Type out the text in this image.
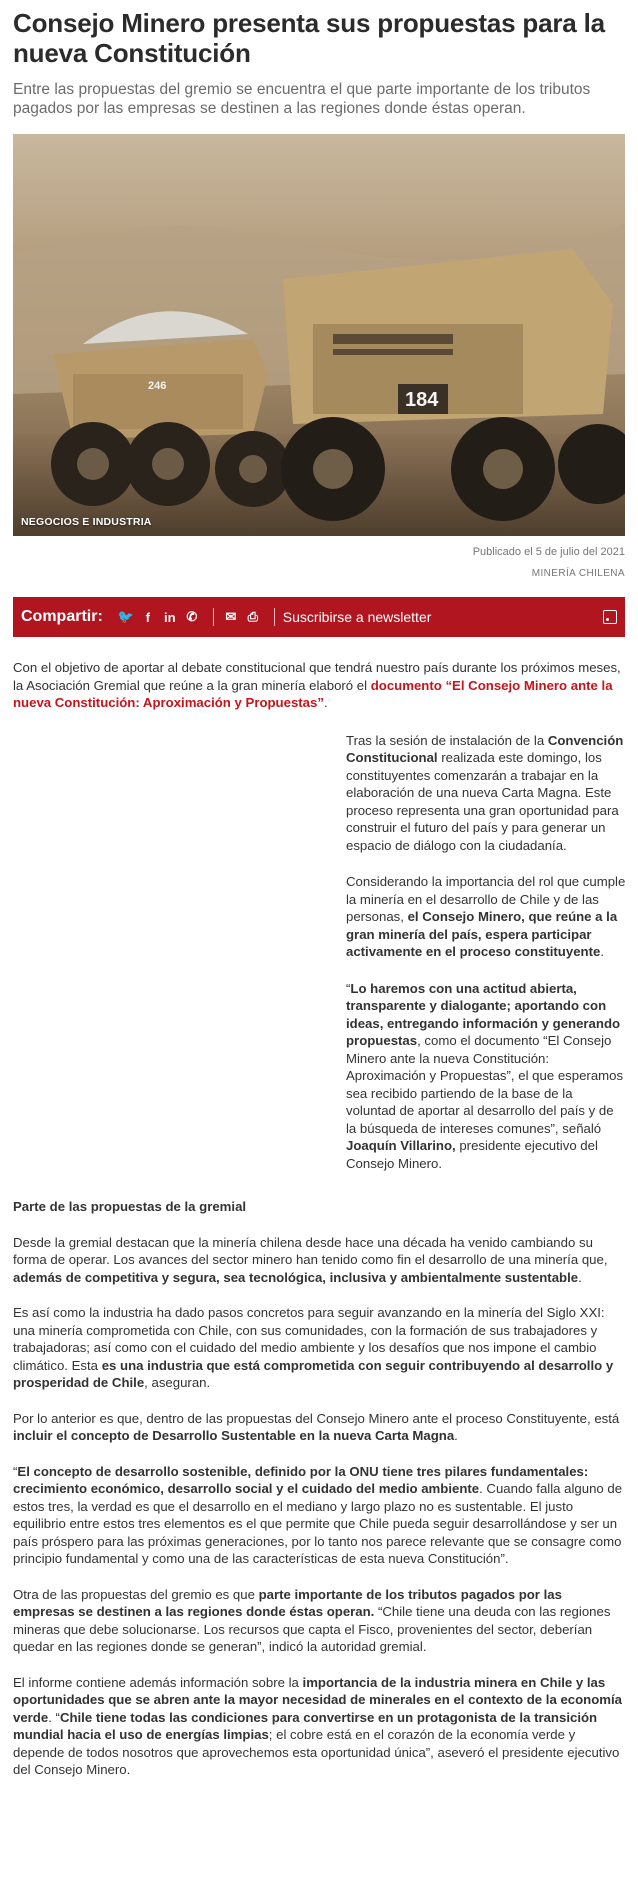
Consejo Minero presenta sus propuestas para la nueva Constitución

Entre las propuestas del gremio se encuentra el que parte importante de los tributos pagados por las empresas se destinen a las regiones donde éstas operan.

246
184
NEGOCIOS E INDUSTRIA
Publicado el 5 de julio del 2021
MINERÍA CHILENA
Compartir: 🐦 f	in ✆ ✉ ⎙ Suscribirse a newsletter

Con el objetivo de aportar al debate constitucional que tendrá nuestro país durante los próximos meses, la Asociación Gremial que reúne a la gran minería elaboró el documento “El Consejo Minero ante la nueva Constitución: Aproximación y Propuestas”.

Tras la sesión de instalación de la Convención Constitucional realizada este domingo, los constituyentes comenzarán a trabajar en la elaboración de una nueva Carta Magna. Este proceso representa una gran oportunidad para construir el futuro del país y para generar un espacio de diálogo con la ciudadanía.

Considerando la importancia del rol que cumple la minería en el desarrollo de Chile y de las personas, el Consejo Minero, que reúne a la gran minería del país, espera participar activamente en el proceso constituyente.

“Lo haremos con una actitud abierta, transparente y dialogante; aportando con ideas, entregando información y generando propuestas, como el documento “El Consejo Minero ante la nueva Constitución: Aproximación y Propuestas”, el que esperamos sea recibido partiendo de la base de la voluntad de aportar al desarrollo del país y de la búsqueda de intereses comunes”, señaló Joaquín Villarino, presidente ejecutivo del Consejo Minero.

Parte de las propuestas de la gremial

Desde la gremial destacan que la minería chilena desde hace una década ha venido cambiando su forma de operar. Los avances del sector minero han tenido como fin el desarrollo de una minería que, además de competitiva y segura, sea tecnológica, inclusiva y ambientalmente sustentable.

Es así como la industria ha dado pasos concretos para seguir avanzando en la minería del Siglo XXI: una minería comprometida con Chile, con sus comunidades, con la formación de sus trabajadores y trabajadoras; así como con el cuidado del medio ambiente y los desafíos que nos impone el cambio climático. Esta es una industria que está comprometida con seguir contribuyendo al desarrollo y prosperidad de Chile, aseguran.

Por lo anterior es que, dentro de las propuestas del Consejo Minero ante el proceso Constituyente, está incluir el concepto de Desarrollo Sustentable en la nueva Carta Magna.

“El concepto de desarrollo sostenible, definido por la ONU tiene tres pilares fundamentales: crecimiento económico, desarrollo social y el cuidado del medio ambiente. Cuando falla alguno de estos tres, la verdad es que el desarrollo en el mediano y largo plazo no es sustentable. El justo equilibrio entre estos tres elementos es el que permite que Chile pueda seguir desarrollándose y ser un país próspero para las próximas generaciones, por lo tanto nos parece relevante que se consagre como principio fundamental y como una de las características de esta nueva Constitución”.

Otra de las propuestas del gremio es que parte importante de los tributos pagados por las empresas se destinen a las regiones donde éstas operan. “Chile tiene una deuda con las regiones mineras que debe solucionarse. Los recursos que capta el Fisco, provenientes del sector, deberían quedar en las regiones donde se generan”, indicó la autoridad gremial.

El informe contiene además información sobre la importancia de la industria minera en Chile y las oportunidades que se abren ante la mayor necesidad de minerales en el contexto de la economía verde. “Chile tiene todas las condiciones para convertirse en un protagonista de la transición mundial hacia el uso de energías limpias; el cobre está en el corazón de la economía verde y depende de todos nosotros que aprovechemos esta oportunidad única”, aseveró el presidente ejecutivo del Consejo Minero.
